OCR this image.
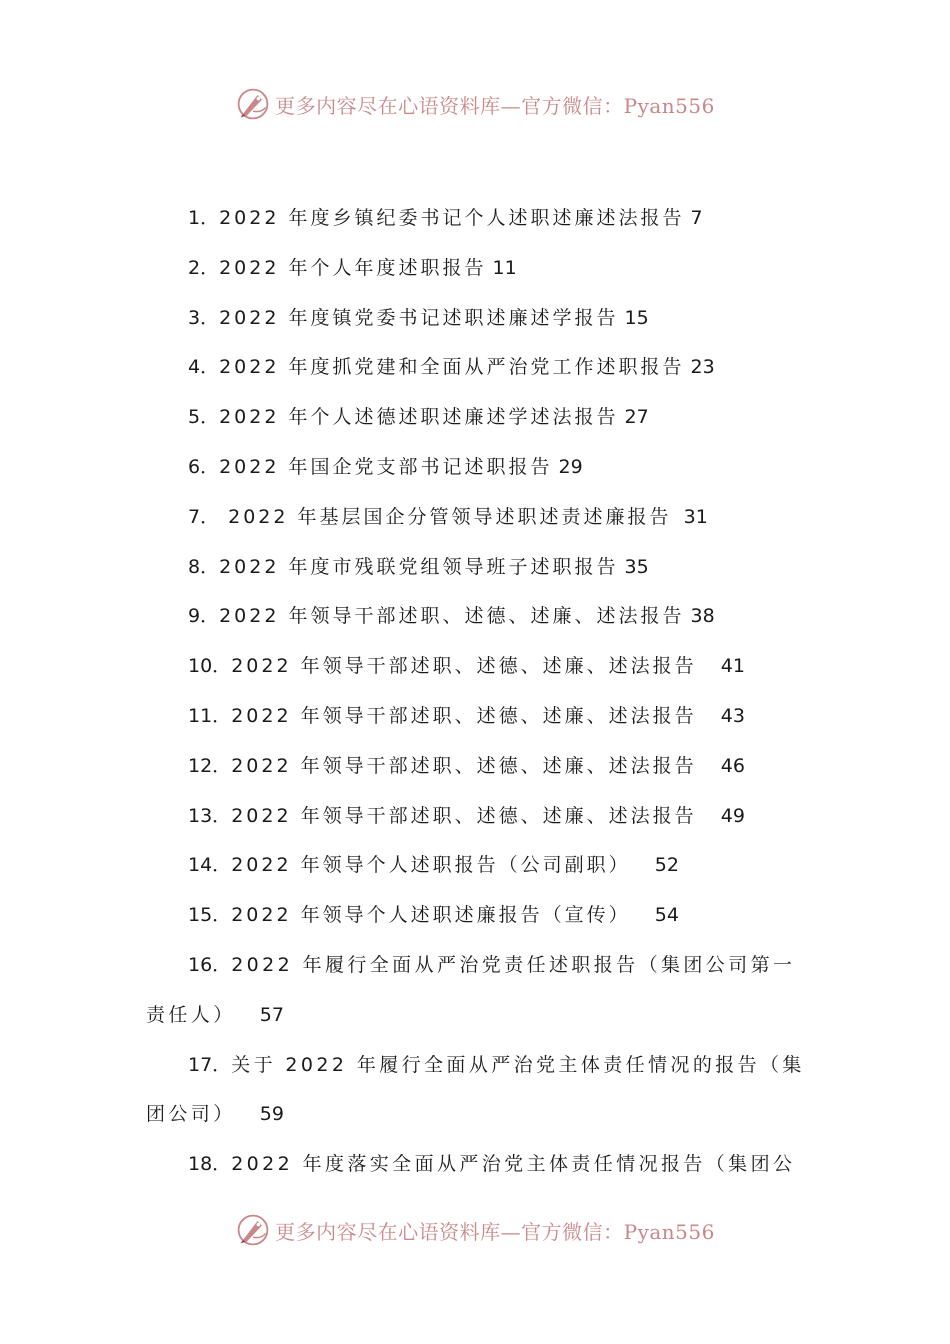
更多内容尽在心语资料库—官方微信：Pyan556
1．2022 年度乡镇纪委书记个人述职述廉述法报告 7
2．2022 年个人年度述职报告 11
3．2022 年度镇党委书记述职述廉述学报告 15
4．2022 年度抓党建和全面从严治党工作述职报告 23
5．2022 年个人述德述职述廉述学述法报告 27
6．2022 年国企党支部书记述职报告 29
7． 2022 年基层国企分管领导述职述责述廉报告  31
8．2022 年度市残联党组领导班子述职报告 35
9．2022 年领导干部述职、述德、述廉、述法报告 38
10．2022 年领导干部述职、述德、述廉、述法报告    41
11．2022 年领导干部述职、述德、述廉、述法报告    43
12．2022 年领导干部述职、述德、述廉、述法报告    46
13．2022 年领导干部述职、述德、述廉、述法报告    49
14．2022 年领导个人述职报告（公司副职）    52
15．2022 年领导个人述职述廉报告（宣传）    54
16．2022 年履行全面从严治党责任述职报告（集团公司第一责任人）    57
17．关于 2022 年履行全面从严治党主体责任情况的报告（集团公司）    59
18．2022 年度落实全面从严治党主体责任情况报告（集团公
更多内容尽在心语资料库—官方微信：Pyan556
